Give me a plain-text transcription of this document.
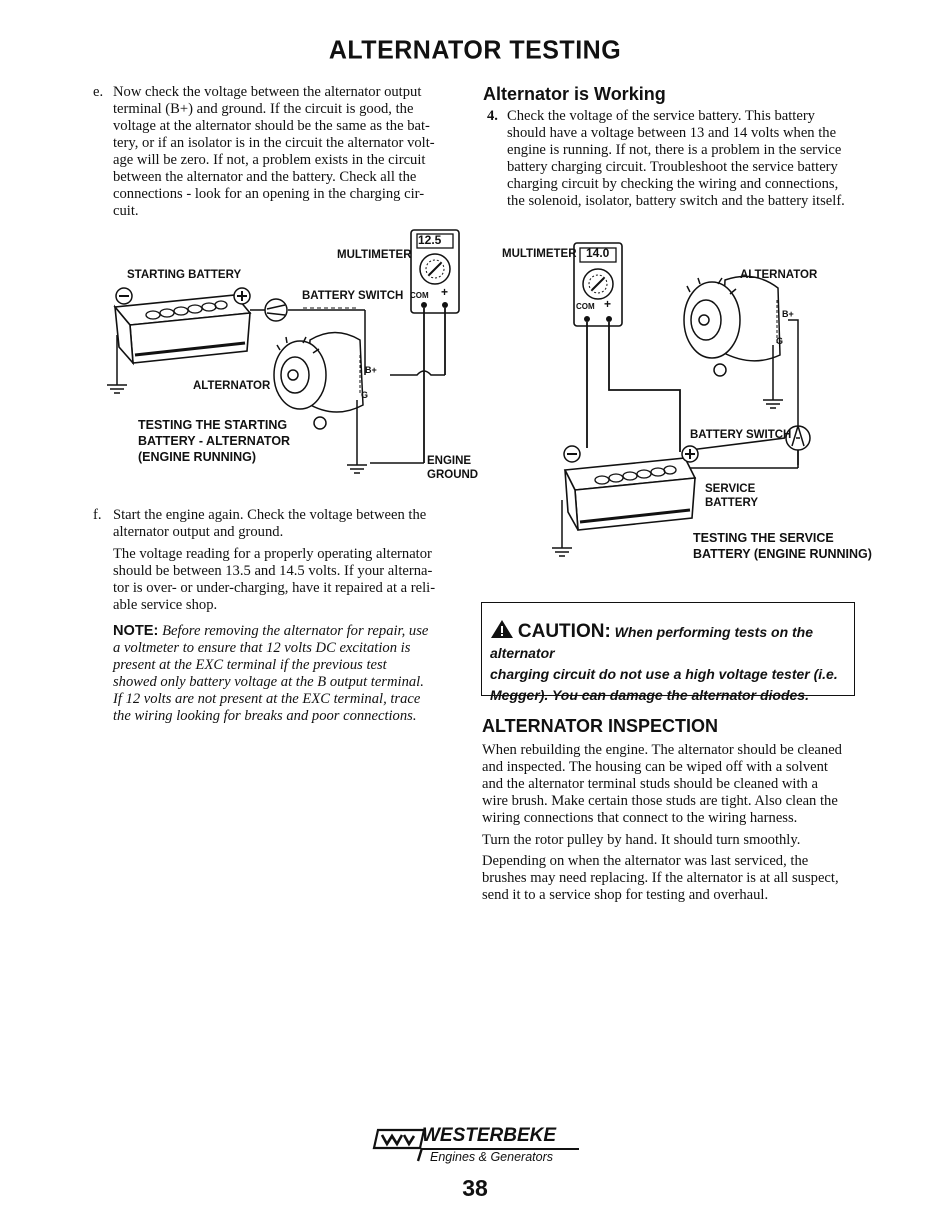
ALTERNATOR TESTING
e. Now check the voltage between the alternator output
terminal (B+) and ground. If the circuit is good, the
voltage at the alternator should be the same as the bat-
tery, or if an isolator is in the circuit the alternator volt-
age will be zero. If not, a problem exists in the circuit
between the alternator and the battery. Check all the
connections - look for an opening in the charging cir-
cuit.
MULTIMETER
12.5
STARTING BATTERY
BATTERY SWITCH COM +
ALTERNATOR
B+
G
ENGINE
GROUND
TESTING THE STARTING
BATTERY - ALTERNATOR
(ENGINE RUNNING)
f. Start the engine again. Check the voltage between the
alternator output and ground.
The voltage reading for a properly operating alternator
should be between 13.5 and 14.5 volts. If your alterna-
tor is over- or under-charging, have it repaired at a reli-
able service shop.
NOTE: Before removing the alternator for repair, use
a voltmeter to ensure that 12 volts DC excitation is
present at the EXC terminal if the previous test
showed only battery voltage at the B output terminal.
If 12 volts are not present at the EXC terminal, trace
the wiring looking for breaks and poor connections.
Alternator is Working
4. Check the voltage of the service battery. This battery
should have a voltage between 13 and 14 volts when the
engine is running. If not, there is a problem in the service
battery charging circuit. Troubleshoot the service battery
charging circuit by checking the wiring and connections,
the solenoid, isolator, battery switch and the battery itself.
MULTIMETER 14.0
COM +
ALTERNATOR
B+
G
BATTERY SWITCH
SERVICE
BATTERY
TESTING THE SERVICE
BATTERY (ENGINE RUNNING)
CAUTION: When performing tests on the alternator
charging circuit do not use a high voltage tester (i.e.
Megger). You can damage the alternator diodes.
ALTERNATOR INSPECTION
When rebuilding the engine. The alternator should be cleaned
and inspected. The housing can be wiped off with a solvent
and the alternator terminal studs should be cleaned with a
wire brush. Make certain those studs are tight. Also clean the
wiring connections that connect to the wiring harness.
Turn the rotor pulley by hand. It should turn smoothly.
Depending on when the alternator was last serviced, the
brushes may need replacing. If the alternator is at all suspect,
send it to a service shop for testing and overhaul.
WESTERBEKE
Engines & Generators
38
